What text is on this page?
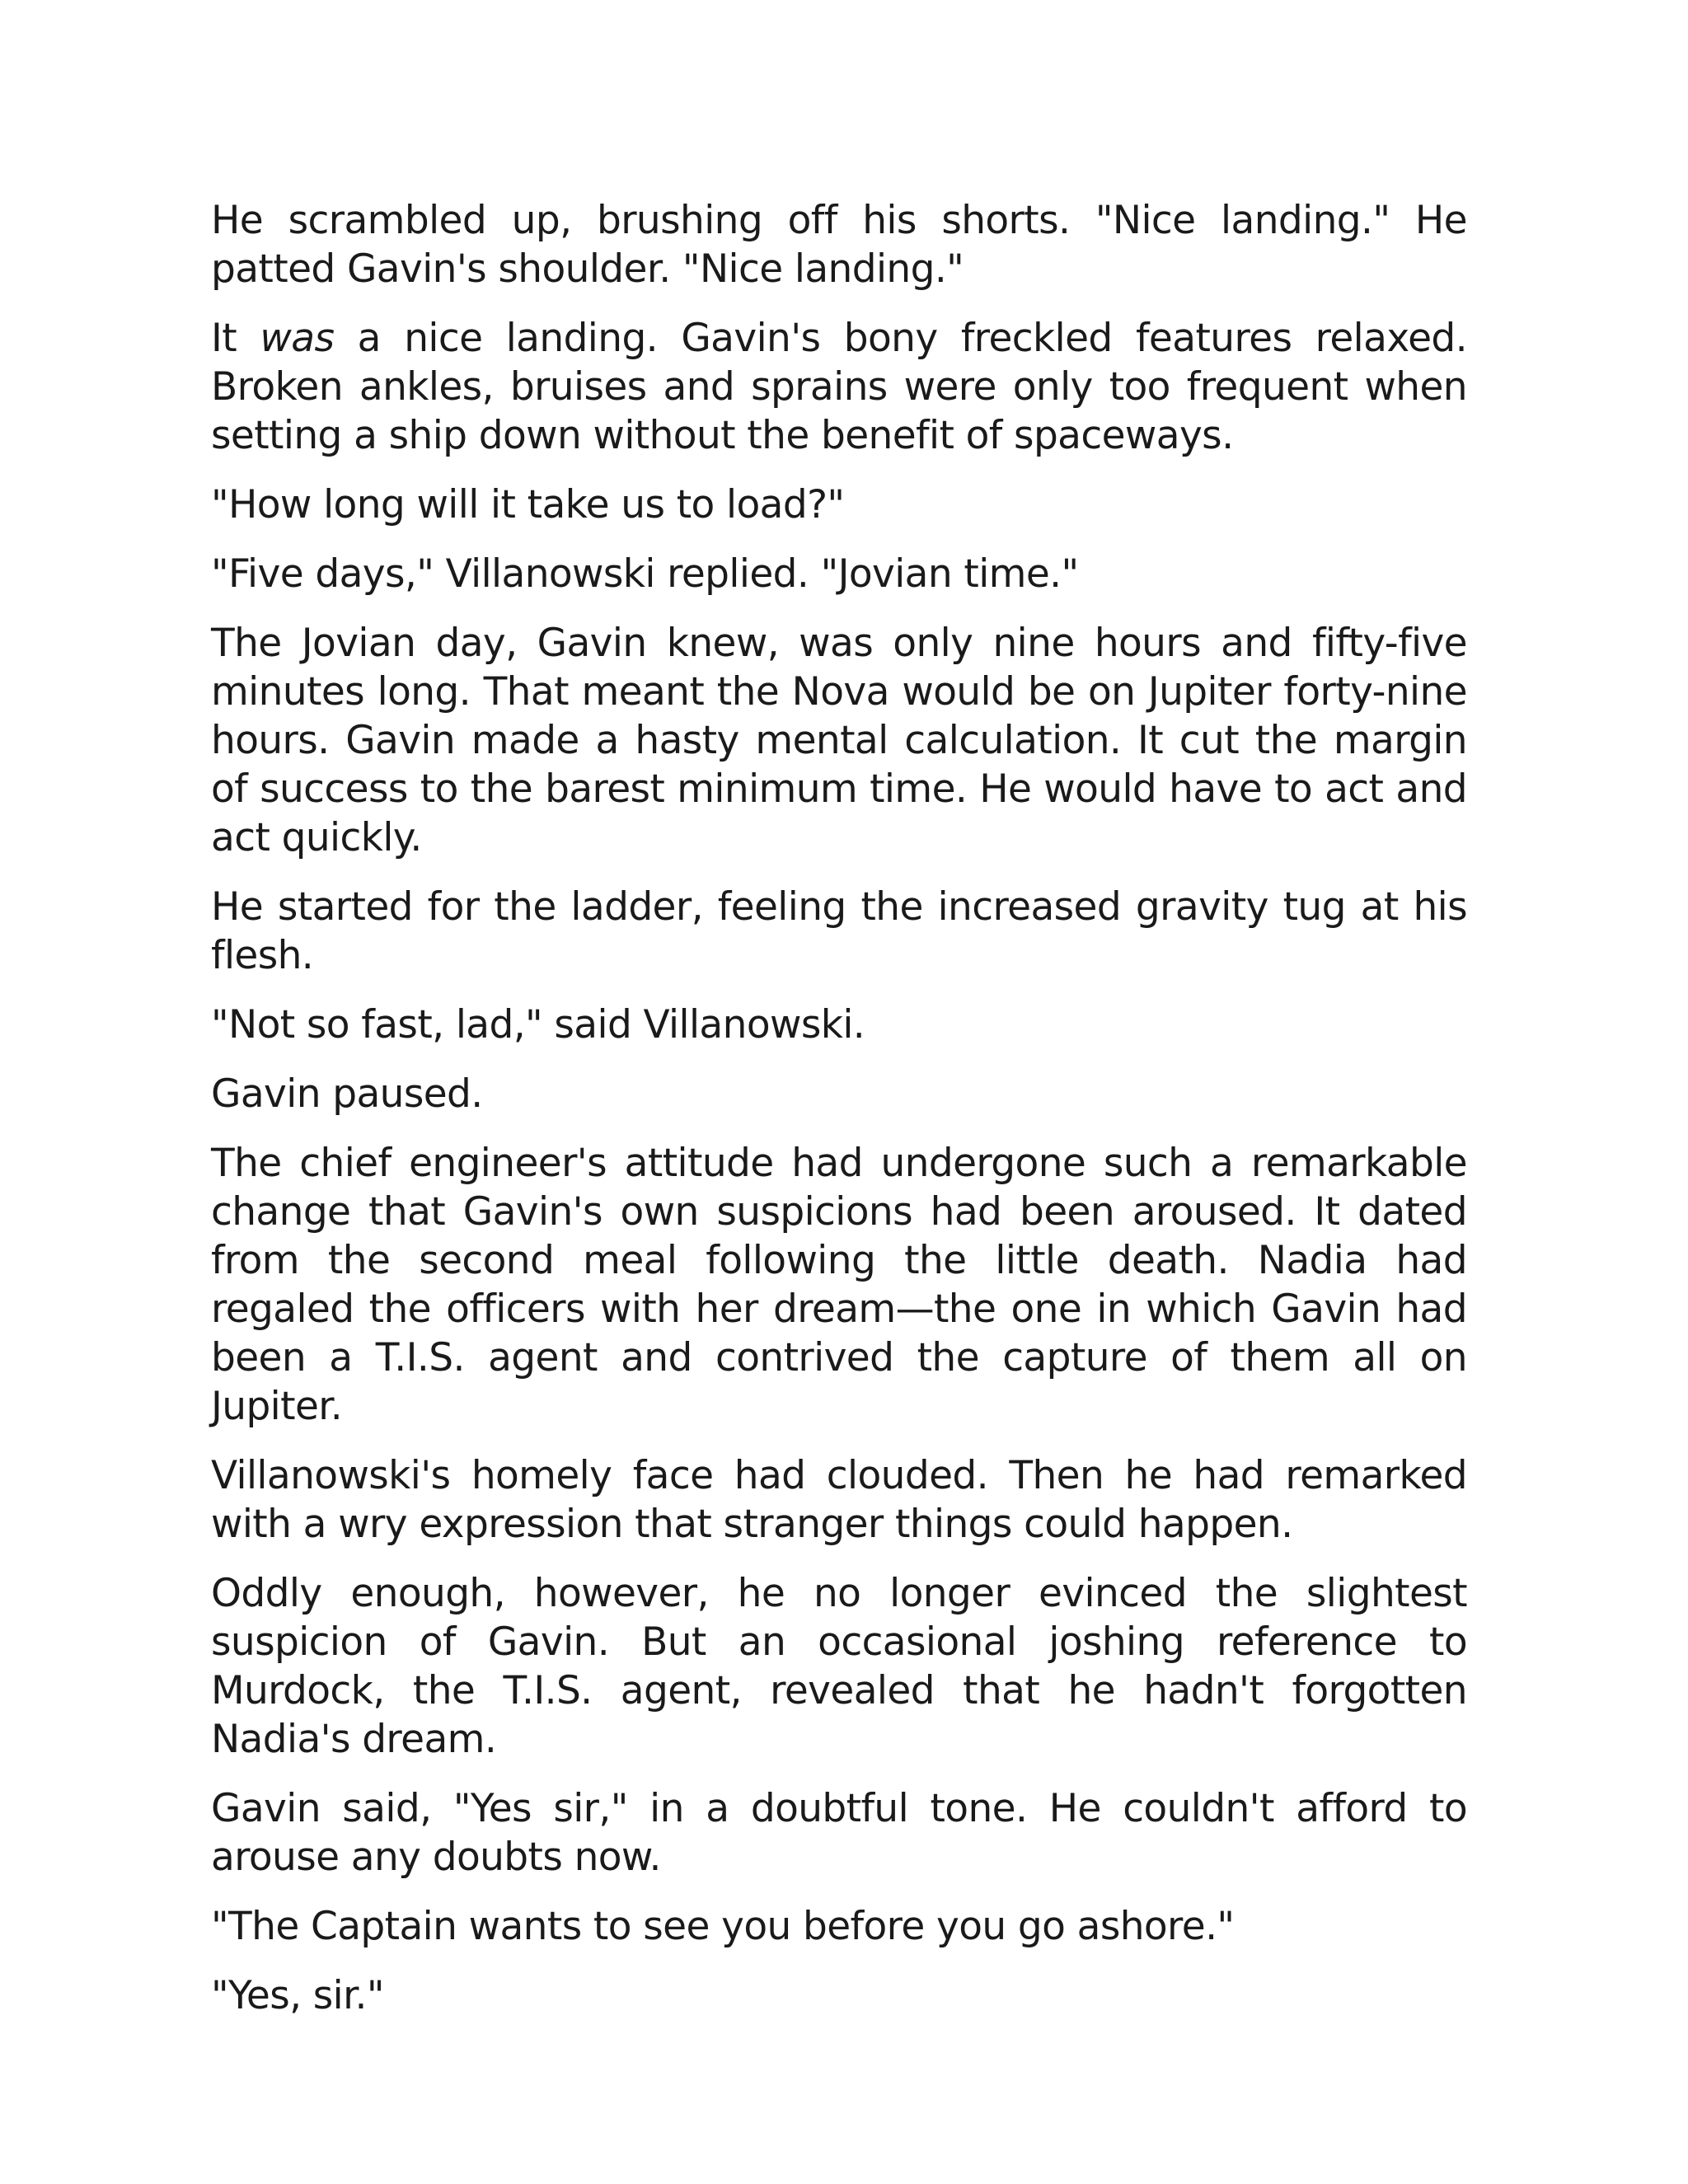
He scrambled up, brushing off his shorts. "Nice landing." He patted Gavin's shoulder. "Nice landing."

It was a nice landing. Gavin's bony freckled features relaxed. Broken ankles, bruises and sprains were only too frequent when setting a ship down without the benefit of spaceways.

"How long will it take us to load?"

"Five days," Villanowski replied. "Jovian time."

The Jovian day, Gavin knew, was only nine hours and fifty-five minutes long. That meant the Nova would be on Jupiter forty-nine hours. Gavin made a hasty mental calculation. It cut the margin of success to the barest minimum time. He would have to act and act quickly.

He started for the ladder, feeling the increased gravity tug at his flesh.

"Not so fast, lad," said Villanowski.

Gavin paused.

The chief engineer's attitude had undergone such a remarkable change that Gavin's own suspicions had been aroused. It dated from the second meal following the little death. Nadia had regaled the officers with her dream—the one in which Gavin had been a T.I.S. agent and contrived the capture of them all on Jupiter.

Villanowski's homely face had clouded. Then he had remarked with a wry expression that stranger things could happen.

Oddly enough, however, he no longer evinced the slightest suspicion of Gavin. But an occasional joshing reference to Murdock, the T.I.S. agent, revealed that he hadn't forgotten Nadia's dream.

Gavin said, "Yes sir," in a doubtful tone. He couldn't afford to arouse any doubts now.

"The Captain wants to see you before you go ashore."

"Yes, sir."
